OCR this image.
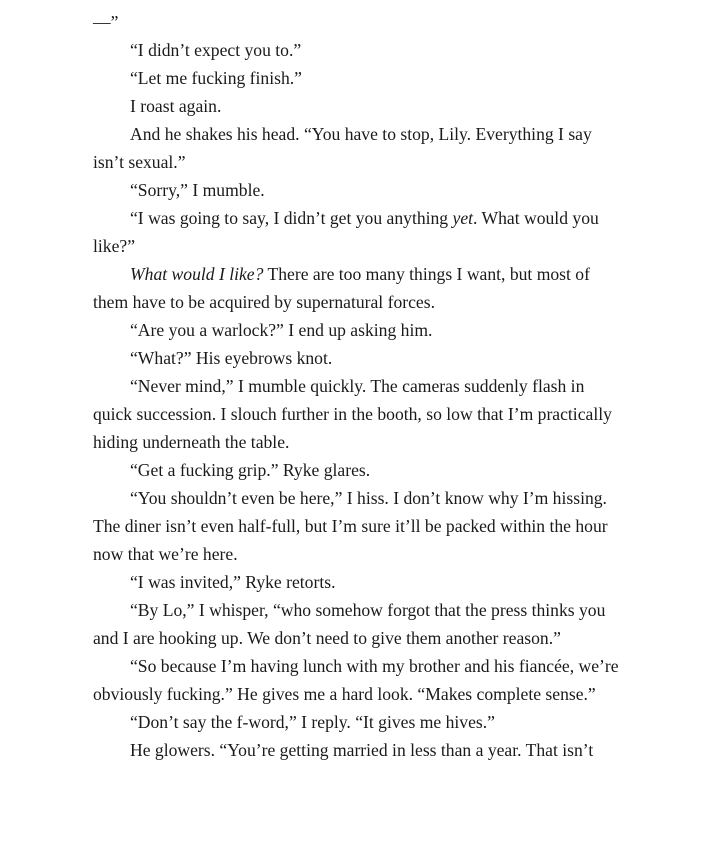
—”

“I didn’t expect you to.”

“Let me fucking finish.”

I roast again.

And he shakes his head. “You have to stop, Lily. Everything I say isn’t sexual.”

“Sorry,” I mumble.

“I was going to say, I didn’t get you anything yet. What would you like?”

What would I like? There are too many things I want, but most of them have to be acquired by supernatural forces.

“Are you a warlock?” I end up asking him.

“What?” His eyebrows knot.

“Never mind,” I mumble quickly. The cameras suddenly flash in quick succession. I slouch further in the booth, so low that I’m practically hiding underneath the table.

“Get a fucking grip.” Ryke glares.

“You shouldn’t even be here,” I hiss. I don’t know why I’m hissing. The diner isn’t even half-full, but I’m sure it’ll be packed within the hour now that we’re here.

“I was invited,” Ryke retorts.

“By Lo,” I whisper, “who somehow forgot that the press thinks you and I are hooking up. We don’t need to give them another reason.”

“So because I’m having lunch with my brother and his fiancée, we’re obviously fucking.” He gives me a hard look. “Makes complete sense.”

“Don’t say the f-word,” I reply. “It gives me hives.”

He glowers. “You’re getting married in less than a year. That isn’t
